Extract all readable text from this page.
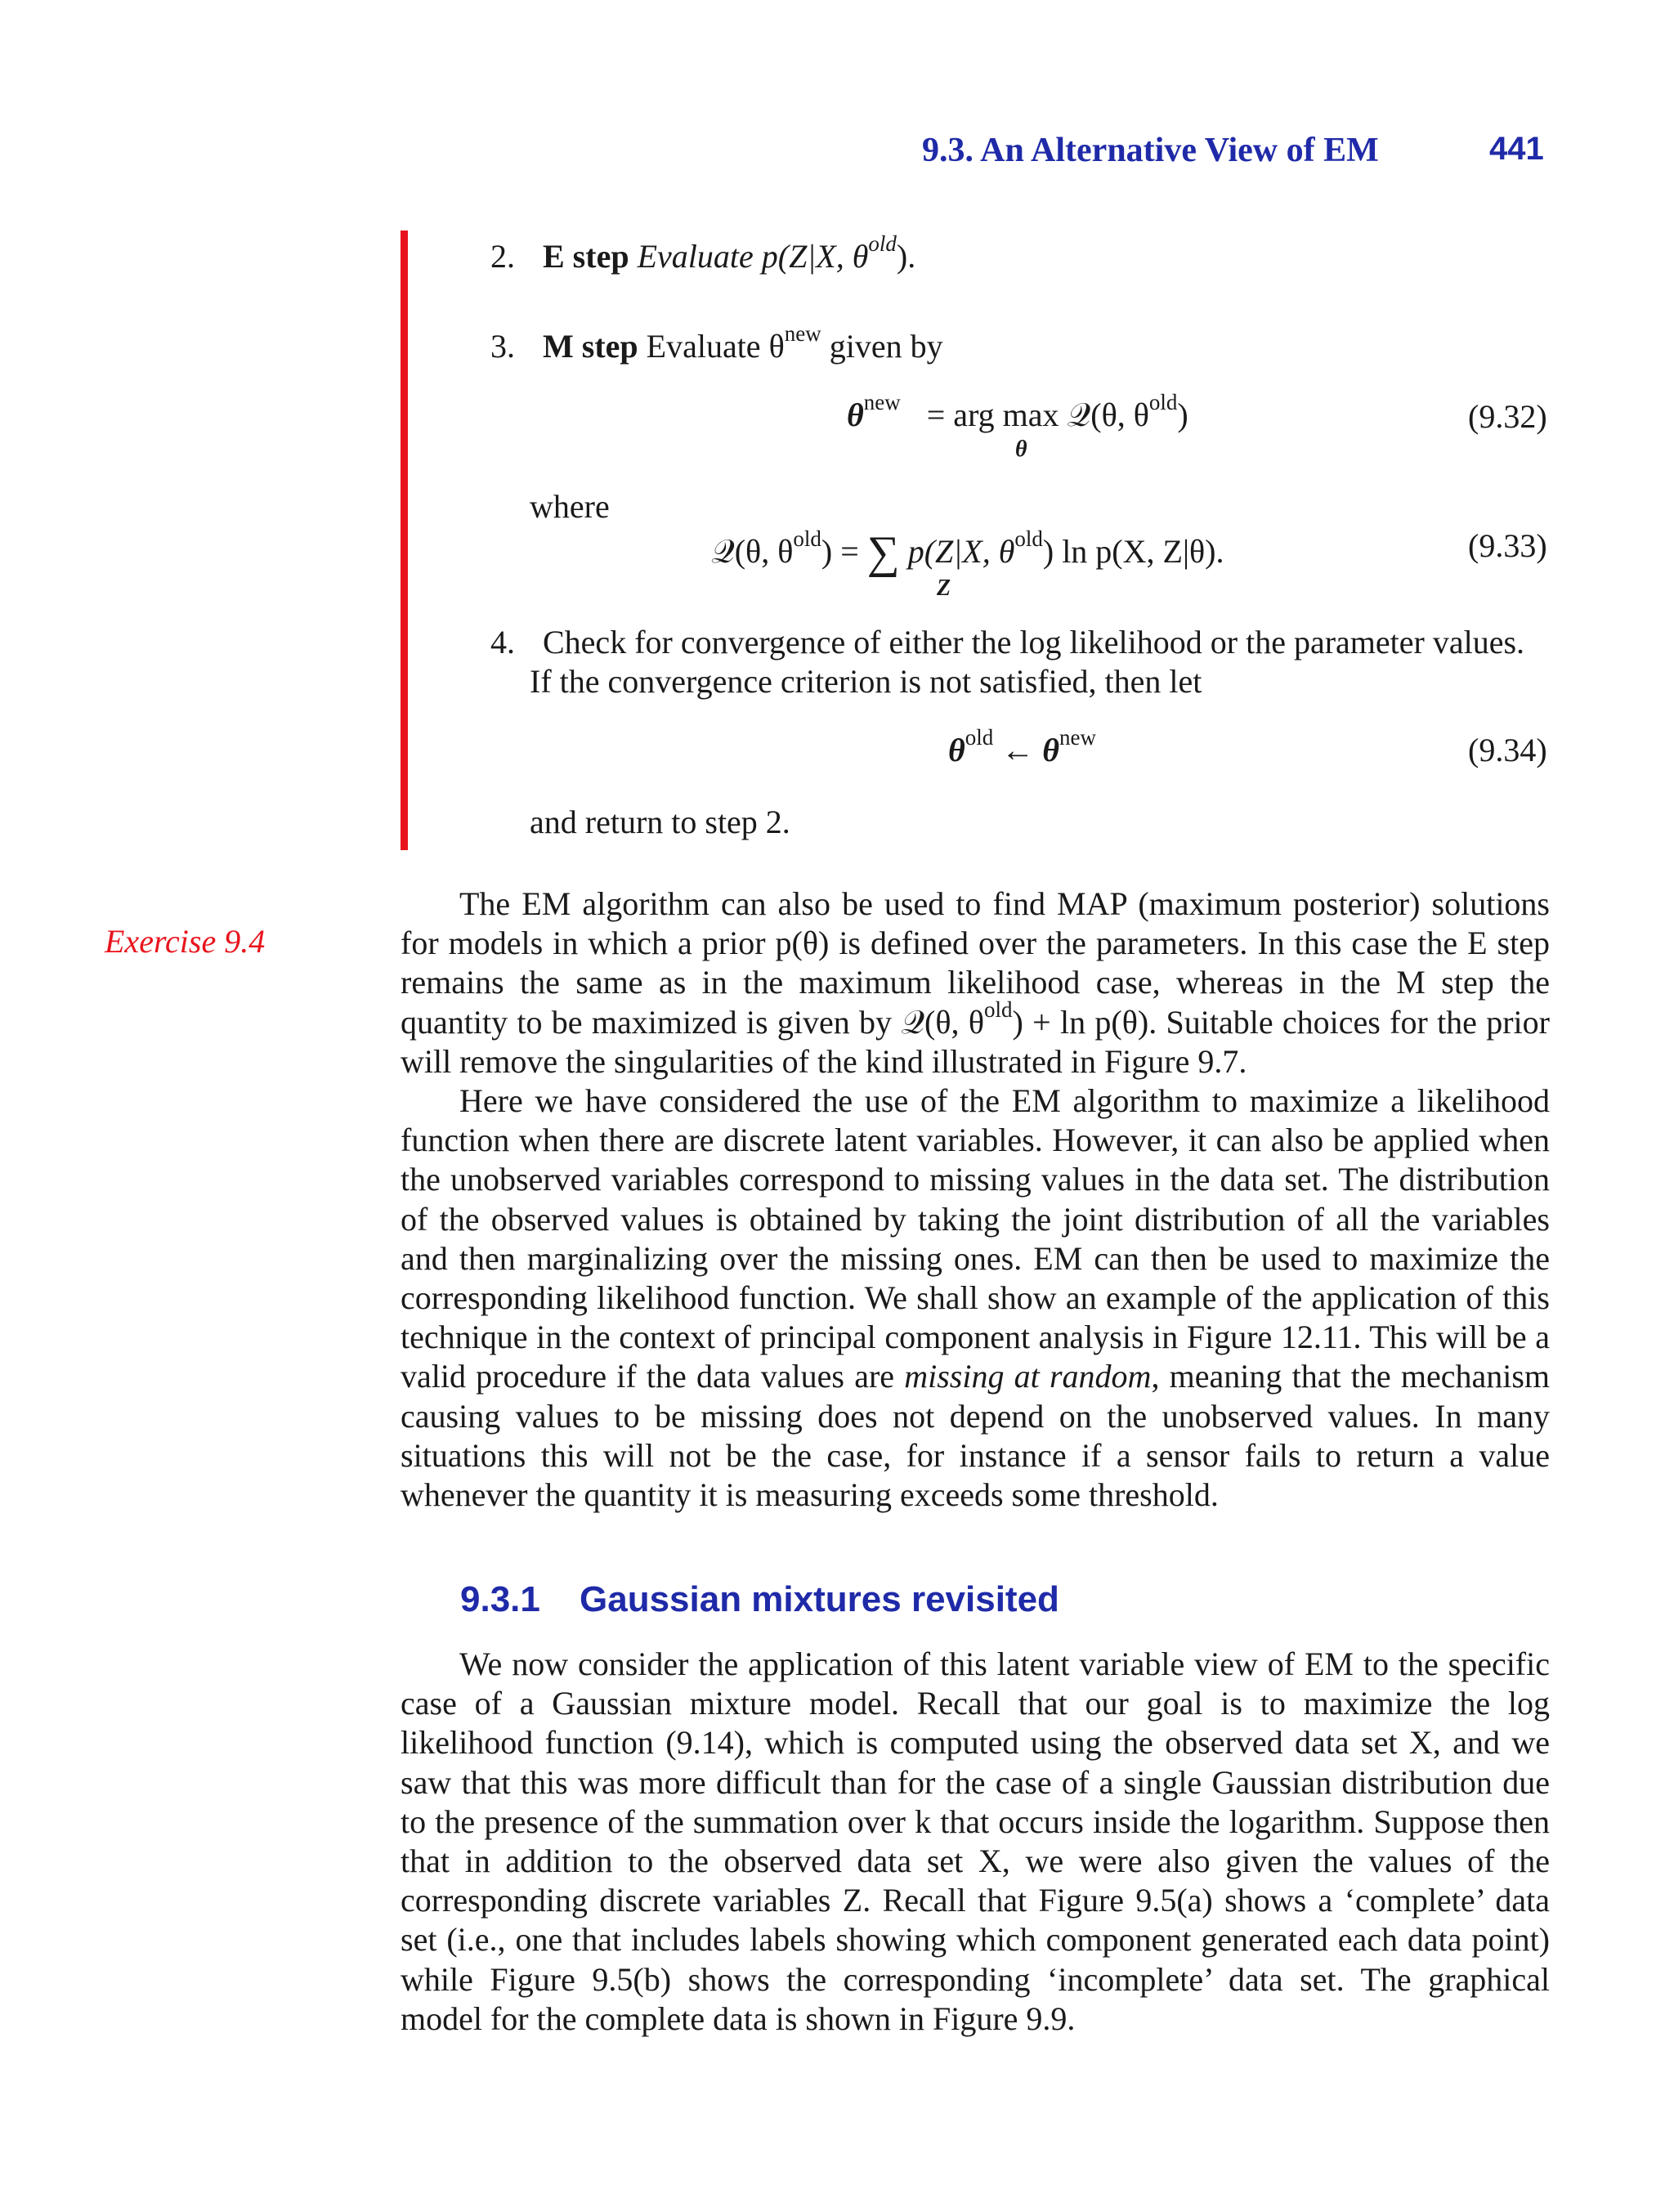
9.3. An Alternative View of EM	441
2. E step Evaluate p(Z|X, $\theta^{old}$).
3. M step Evaluate $\theta^{new}$ given by
$\theta^{new}$ = arg max 𝒬(θ, $\theta^{old}$)
θ
(9.32)
where
𝒬(θ, $\theta^{old}$) = ∑ p(Z|X, $\theta^{old}$) ln p(X, Z|θ).
Z
(9.33)
4. Check for convergence of either the log likelihood or the parameter values.
If the convergence criterion is not satisfied, then let
$\theta^{old}$ ← $\theta^{new}$	(9.34)
and return to step 2.
Exercise 9.4

The EM algorithm can also be used to find MAP (maximum posterior) solutions for models in which a prior p(θ) is defined over the parameters. In this case the E step remains the same as in the maximum likelihood case, whereas in the M step the quantity to be maximized is given by 𝒬(θ, $\theta^{old}) + \ln p(\theta)$. Suitable choices for the prior will remove the singularities of the kind illustrated in Figure 9.7.

Here we have considered the use of the EM algorithm to maximize a likelihood function when there are discrete latent variables. However, it can also be applied when the unobserved variables correspond to missing values in the data set. The distribution of the observed values is obtained by taking the joint distribution of all the variables and then marginalizing over the missing ones. EM can then be used to maximize the corresponding likelihood function. We shall show an example of the application of this technique in the context of principal component analysis in Figure 12.11. This will be a valid procedure if the data values are missing at random, meaning that the mechanism causing values to be missing does not depend on the unobserved values. In many situations this will not be the case, for instance if a sensor fails to return a value whenever the quantity it is measuring exceeds some threshold.

9.3.1 Gaussian mixtures revisited

We now consider the application of this latent variable view of EM to the specific case of a Gaussian mixture model. Recall that our goal is to maximize the log likelihood function (9.14), which is computed using the observed data set X, and we saw that this was more difficult than for the case of a single Gaussian distribution due to the presence of the summation over k that occurs inside the logarithm. Suppose then that in addition to the observed data set X, we were also given the values of the corresponding discrete variables Z. Recall that Figure 9.5(a) shows a ‘complete’ data set (i.e., one that includes labels showing which component generated each data point) while Figure 9.5(b) shows the corresponding ‘incomplete’ data set. The graphical model for the complete data is shown in Figure 9.9.
